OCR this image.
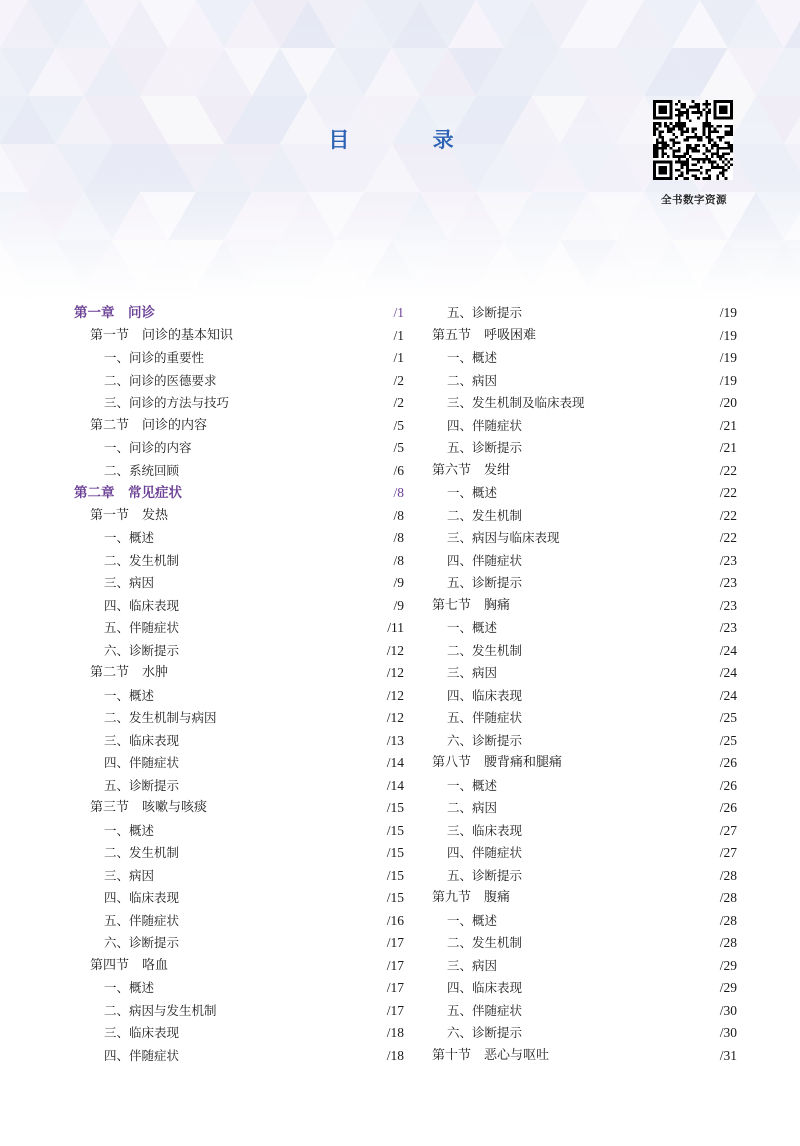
目 录
全书数字资源
第一章　问诊	/1
第一节　问诊的基本知识	/1
一、问诊的重要性	/1
二、问诊的医德要求	/2
三、问诊的方法与技巧	/2
第二节　问诊的内容	/5
一、问诊的内容	/5
二、系统回顾	/6
第二章　常见症状	/8
第一节　发热	/8
一、概述	/8
二、发生机制	/8
三、病因	/9
四、临床表现	/9
五、伴随症状	/11
六、诊断提示	/12
第二节　水肿	/12
一、概述	/12
二、发生机制与病因	/12
三、临床表现	/13
四、伴随症状	/14
五、诊断提示	/14
第三节　咳嗽与咳痰	/15
一、概述	/15
二、发生机制	/15
三、病因	/15
四、临床表现	/15
五、伴随症状	/16
六、诊断提示	/17
第四节　咯血	/17
一、概述	/17
二、病因与发生机制	/17
三、临床表现	/18
四、伴随症状	/18
五、诊断提示	/19
第五节　呼吸困难	/19
一、概述	/19
二、病因	/19
三、发生机制及临床表现	/20
四、伴随症状	/21
五、诊断提示	/21
第六节　发绀	/22
一、概述	/22
二、发生机制	/22
三、病因与临床表现	/22
四、伴随症状	/23
五、诊断提示	/23
第七节　胸痛	/23
一、概述	/23
二、发生机制	/24
三、病因	/24
四、临床表现	/24
五、伴随症状	/25
六、诊断提示	/25
第八节　腰背痛和腿痛	/26
一、概述	/26
二、病因	/26
三、临床表现	/27
四、伴随症状	/27
五、诊断提示	/28
第九节　腹痛	/28
一、概述	/28
二、发生机制	/28
三、病因	/29
四、临床表现	/29
五、伴随症状	/30
六、诊断提示	/30
第十节　恶心与呕吐	/31
